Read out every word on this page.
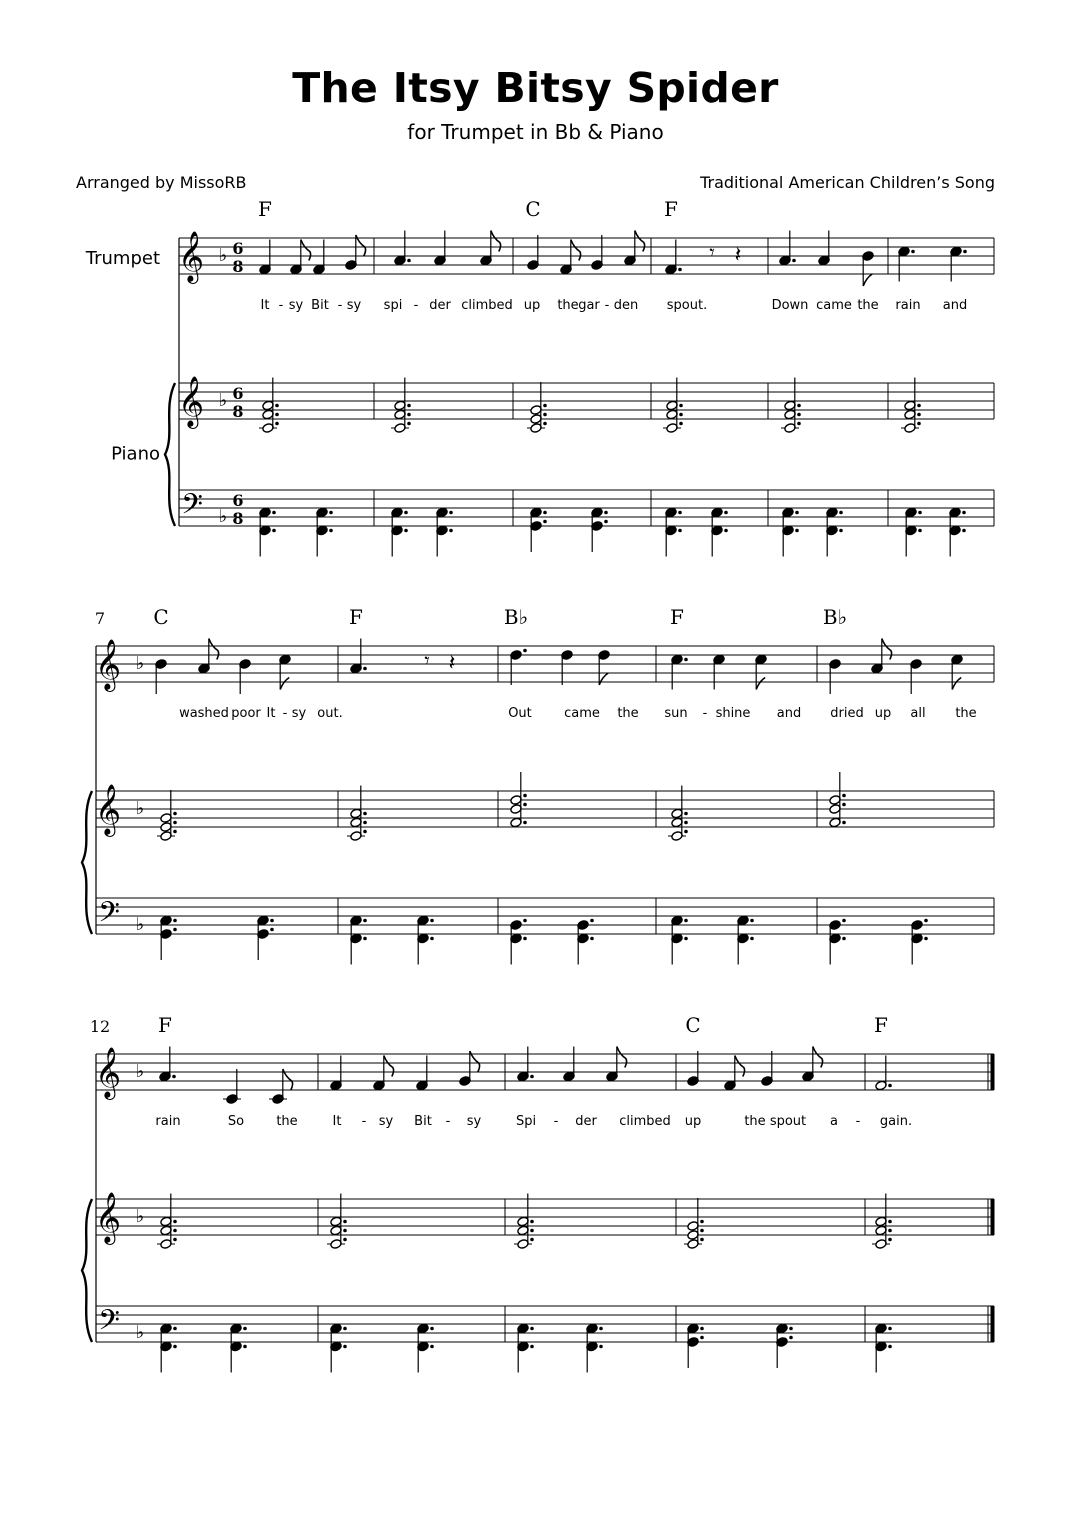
The Itsy Bitsy Spider
for Trumpet in Bb & Piano
Arranged by MissoRB	Traditional American Children’s Song
𝄞 ♭
𝄞 ♭
𝄢 ♭
6
8
6
8
6
8
Trumpet
Piano
F	C	F
𝄾 𝄽
It - sy Bit - sy spi - der climbed up the gar - den spout.	Down came the rain and
𝄞 ♭
𝄞 ♭
𝄢 ♭
7 C	F	B♭	F	B♭
𝄾 𝄽
washed poor It - sy out.	Out came the sun - shine and dried up all the
𝄞 ♭
𝄞 ♭
𝄢 ♭
12 F	C	F
rain	So the	It - sy Bit - sy	Spi - der climbed up	the spout a - gain.
